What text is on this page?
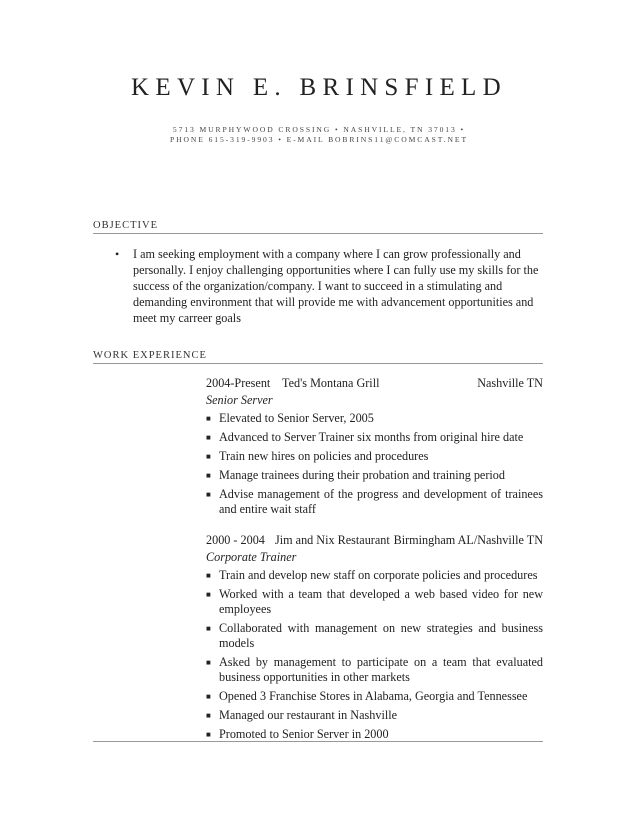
KEVIN E. BRINSFIELD
5713 MURPHYWOOD CROSSING • NASHVILLE, TN 37013 •
PHONE 615-319-9903 • E-MAIL BOBRINS11@COMCAST.NET
OBJECTIVE
• I am seeking employment with a company where I can grow professionally and personally. I enjoy challenging opportunities where I can fully use my skills for the success of the organization/company. I want to succeed in a stimulating and demanding environment that will provide me with advancement opportunities and meet my carreer goals
WORK EXPERIENCE
2004-Present Ted's Montana Grill	Nashville TN
Senior Server
■ Elevated to Senior Server, 2005
■ Advanced to Server Trainer six months from original hire date
■ Train new hires on policies and procedures
■ Manage trainees during their probation and training period
■ Advise management of the progress and development of trainees and entire wait staff
2000 - 2004 Jim and Nix Restaurant Birmingham AL/Nashville TN
Corporate Trainer
■ Train and develop new staff on corporate policies and procedures
■ Worked with a team that developed a web based video for new employees
■ Collaborated with management on new strategies and business models
■ Asked by management to participate on a team that evaluated business opportunities in other markets
■ Opened 3 Franchise Stores in Alabama, Georgia and Tennessee
■ Managed our restaurant in Nashville
■ Promoted to Senior Server in 2000
